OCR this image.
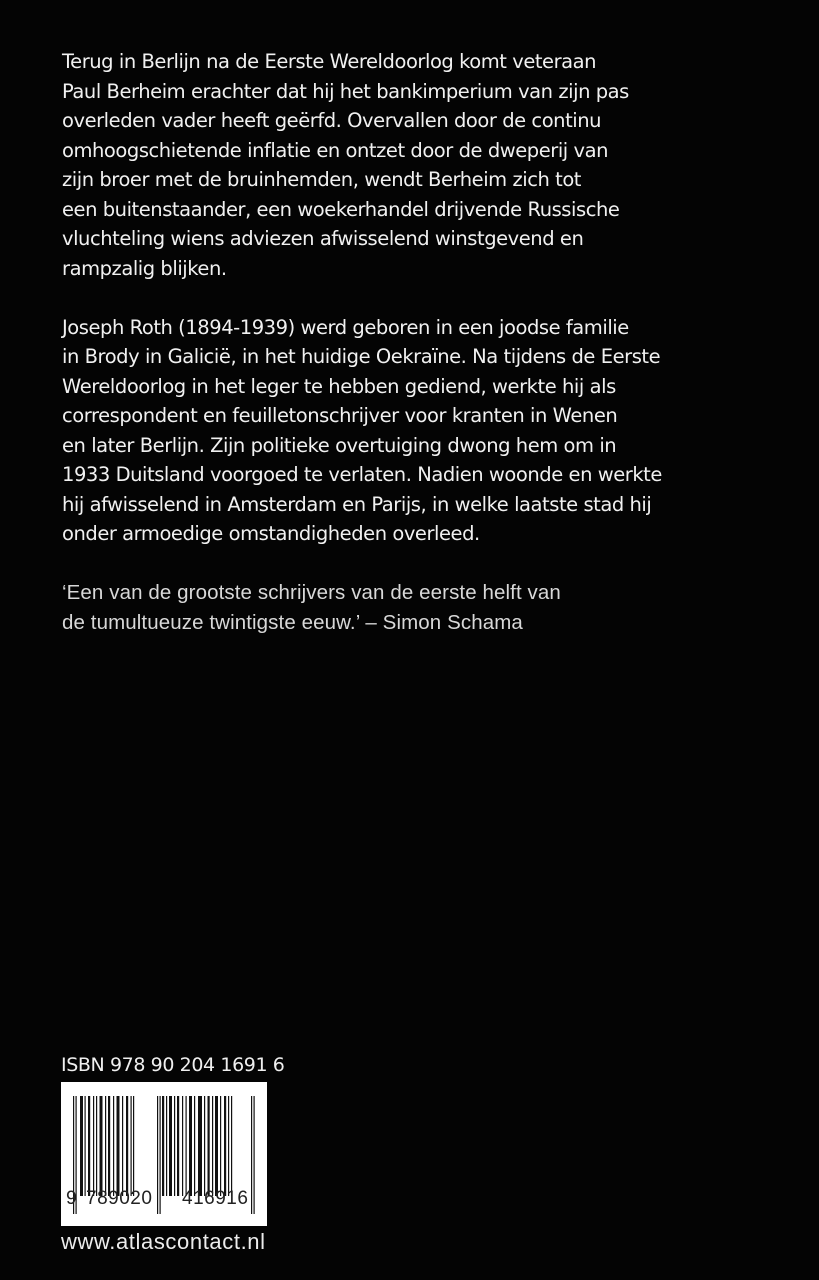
Terug in Berlijn na de Eerste Wereldoorlog komt veteraan
Paul Berheim erachter dat hij het bankimperium van zijn pas
overleden vader heeft geërfd. Overvallen door de continu
omhoogschietende inflatie en ontzet door de dweperij van
zijn broer met de bruinhemden, wendt Berheim zich tot
een buitenstaander, een woekerhandel drijvende Russische
vluchteling wiens adviezen afwisselend winstgevend en
rampzalig blijken.

Joseph Roth (1894-1939) werd geboren in een joodse familie
in Brody in Galicië, in het huidige Oekraïne. Na tijdens de Eerste
Wereldoorlog in het leger te hebben gediend, werkte hij als
correspondent en feuilletonschrijver voor kranten in Wenen
en later Berlijn. Zijn politieke overtuiging dwong hem om in
1933 Duitsland voorgoed te verlaten. Nadien woonde en werkte
hij afwisselend in Amsterdam en Parijs, in welke laatste stad hij
onder armoedige omstandigheden overleed.

‘Een van de grootste schrijvers van de eerste helft van
de tumultueuze twintigste eeuw.’ – Simon Schama

ISBN 978 90 204 1691 6
9 789020 416916
www.atlascontact.nl
